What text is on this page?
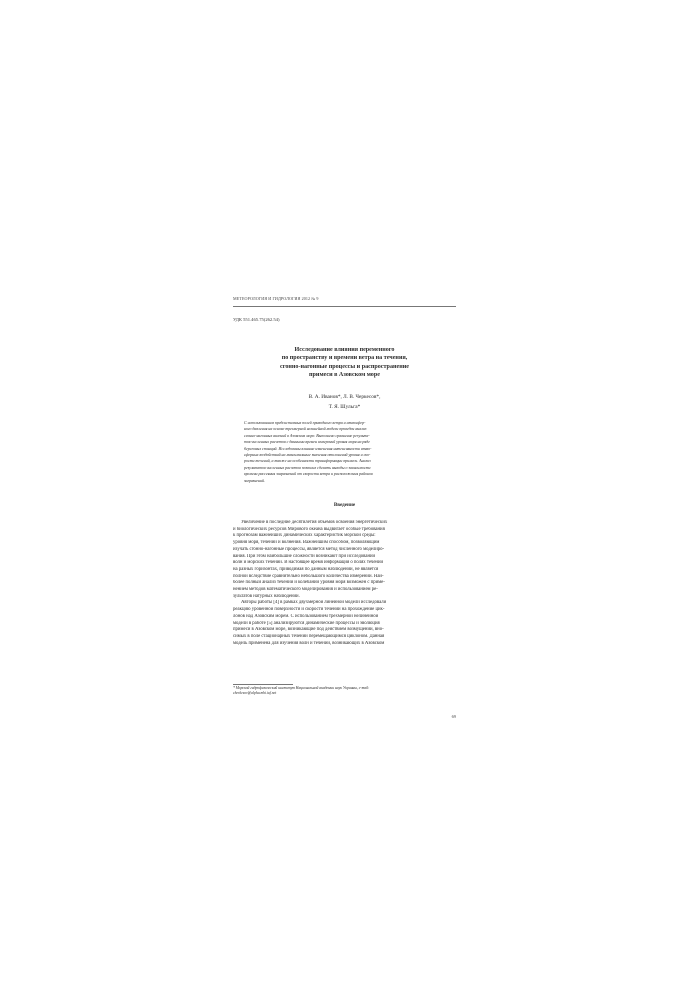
МЕТЕОРОЛОГИЯ И ГИДРОЛОГИЯ 2012 № 9
УДК 551.465.75(262.54)
Исследование влияния переменного
по пространству и времени ветра на течения,
сгонно-нагонные процессы и распространение
примеси в Азовском море
В. А. Иванов*, Л. В. Черкесов*,
Т. Я. Шульга*
С использованием предсистемных полей приводного ветра и атмосфер-
ного давления на основе трехмерной нелинейной модели проведен анализ
сгонно-нагонных явлений в Азовском море. Выполнено сравнение результа-
тов численных расчетов с данными времен измерений уровня моря на ряде
береговых станций. Исследованы влияние изменения интенсивности атмо-
сферных воздействий на максимальные значения отклонений уровня и ско-
рости течений, а также на особенности трансформации примеси. Анализ
результатов численных расчетов позволил сделать выводы о зависимости
времени рассеяния загрязнений от скорости ветра и расположения районов
загрязнений.
Введение
Увеличение в последние десятилетия объемов освоения энергетических
и биологических ресурсов Мирового океана выдвигает особые требования
к прогнозам важнейших динамических характеристик морской среды:
уровня моря, течений и волнения. Важнейшим способом, позволяющим
изучать сгонно-нагонные процессы, является метод численного моделиро-
вания. При этом наибольшие сложности возникают при исследовании
волн и морских течений. В настоящее время информация о полях течений
на разных горизонтах, приводимая по данным наблюдений, не является
полной вследствие сравнительно небольшого количества измерений. Наи-
более полный анализ течений и колебаний уровня моря возможен с приме-
нением методов математического моделирования и использованием ре-
зультатов натурных наблюдений.
Авторы работы [4] в рамках двухмерной линейной модели исследовали
реакцию уровенной поверхности и скорости течений на прохождение цик-
лонов над Азовским морем. С использованием трехмерной нелинейной
модели в работе [5] анализируются динамические процессы и эволюция
примеси в Азовском море, возникающие под действием возмущений, вно-
симых в поле стационарных течений перемещающимся циклоном. Данная
модель применена для изучения волн и течений, возникающих в Азовском
* Морской гидрофизический институт Национальной академии наук Украины, e-mail:
cherkesov@alpha.mhi.iuf.net
69
